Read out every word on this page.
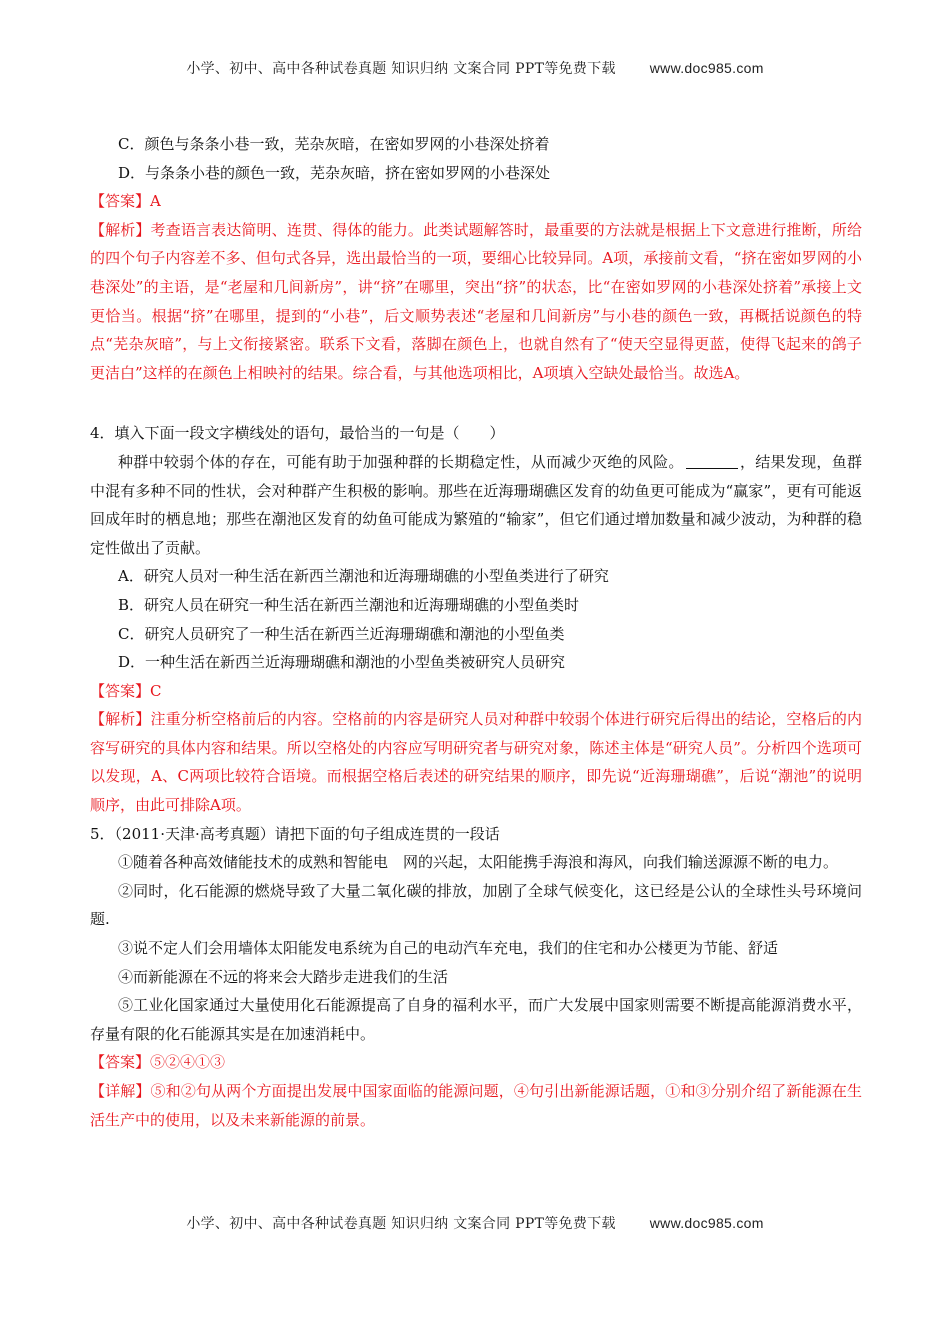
小学、初中、高中各种试卷真题 知识归纳 文案合同 PPT等免费下载 www.doc985.com
C．颜色与条条小巷一致，芜杂灰暗，在密如罗网的小巷深处挤着
D．与条条小巷的颜色一致，芜杂灰暗，挤在密如罗网的小巷深处
【答案】A
【解析】考查语言表达简明、连贯、得体的能力。此类试题解答时，最重要的方法就是根据上下文意进行推断，所给的四个句子内容差不多、但句式各异，选出最恰当的一项，要细心比较异同。A项，承接前文看，“挤在密如罗网的小巷深处”的主语，是“老屋和几间新房”，讲“挤”在哪里，突出“挤”的状态，比“在密如罗网的小巷深处挤着”承接上文更恰当。根据“挤”在哪里，提到的“小巷”，后文顺势表述“老屋和几间新房”与小巷的颜色一致，再概括说颜色的特点“芜杂灰暗”，与上文衔接紧密。联系下文看，落脚在颜色上，也就自然有了“使天空显得更蓝，使得飞起来的鸽子更洁白”这样的在颜色上相映衬的结果。综合看，与其他选项相比，A项填入空缺处最恰当。故选A。
4．填入下面一段文字横线处的语句，最恰当的一句是（　　）
种群中较弱个体的存在，可能有助于加强种群的长期稳定性，从而减少灭绝的风险。	，结果发现，鱼群中混有多种不同的性状，会对种群产生积极的影响。那些在近海珊瑚礁区发育的幼鱼更可能成为“赢家”，更有可能返回成年时的栖息地；那些在潮池区发育的幼鱼可能成为繁殖的“输家”，但它们通过增加数量和减少波动，为种群的稳定性做出了贡献。
A．研究人员对一种生活在新西兰潮池和近海珊瑚礁的小型鱼类进行了研究
B．研究人员在研究一种生活在新西兰潮池和近海珊瑚礁的小型鱼类时
C．研究人员研究了一种生活在新西兰近海珊瑚礁和潮池的小型鱼类
D．一种生活在新西兰近海珊瑚礁和潮池的小型鱼类被研究人员研究
【答案】C
【解析】注重分析空格前后的内容。空格前的内容是研究人员对种群中较弱个体进行研究后得出的结论，空格后的内容写研究的具体内容和结果。所以空格处的内容应写明研究者与研究对象，陈述主体是“研究人员”。分析四个选项可以发现，A、C两项比较符合语境。而根据空格后表述的研究结果的顺序，即先说“近海珊瑚礁”，后说“潮池”的说明顺序，由此可排除A项。
5．（2011·天津·高考真题）请把下面的句子组成连贯的一段话
①随着各种高效储能技术的成熟和智能电　网的兴起，太阳能携手海浪和海风，向我们输送源源不断的电力。
②同时，化石能源的燃烧导致了大量二氧化碳的排放，加剧了全球气候变化，这已经是公认的全球性头号环境问题.
③说不定人们会用墙体太阳能发电系统为自己的电动汽车充电，我们的住宅和办公楼更为节能、舒适
④而新能源在不远的将来会大踏步走进我们的生活
⑤工业化国家通过大量使用化石能源提高了自身的福利水平，而广大发展中国家则需要不断提高能源消费水平，存量有限的化石能源其实是在加速消耗中。
【答案】⑤②④①③
【详解】⑤和②句从两个方面提出发展中国家面临的能源问题，④句引出新能源话题，①和③分别介绍了新能源在生活生产中的使用，以及未来新能源的前景。
小学、初中、高中各种试卷真题 知识归纳 文案合同 PPT等免费下载 www.doc985.com
